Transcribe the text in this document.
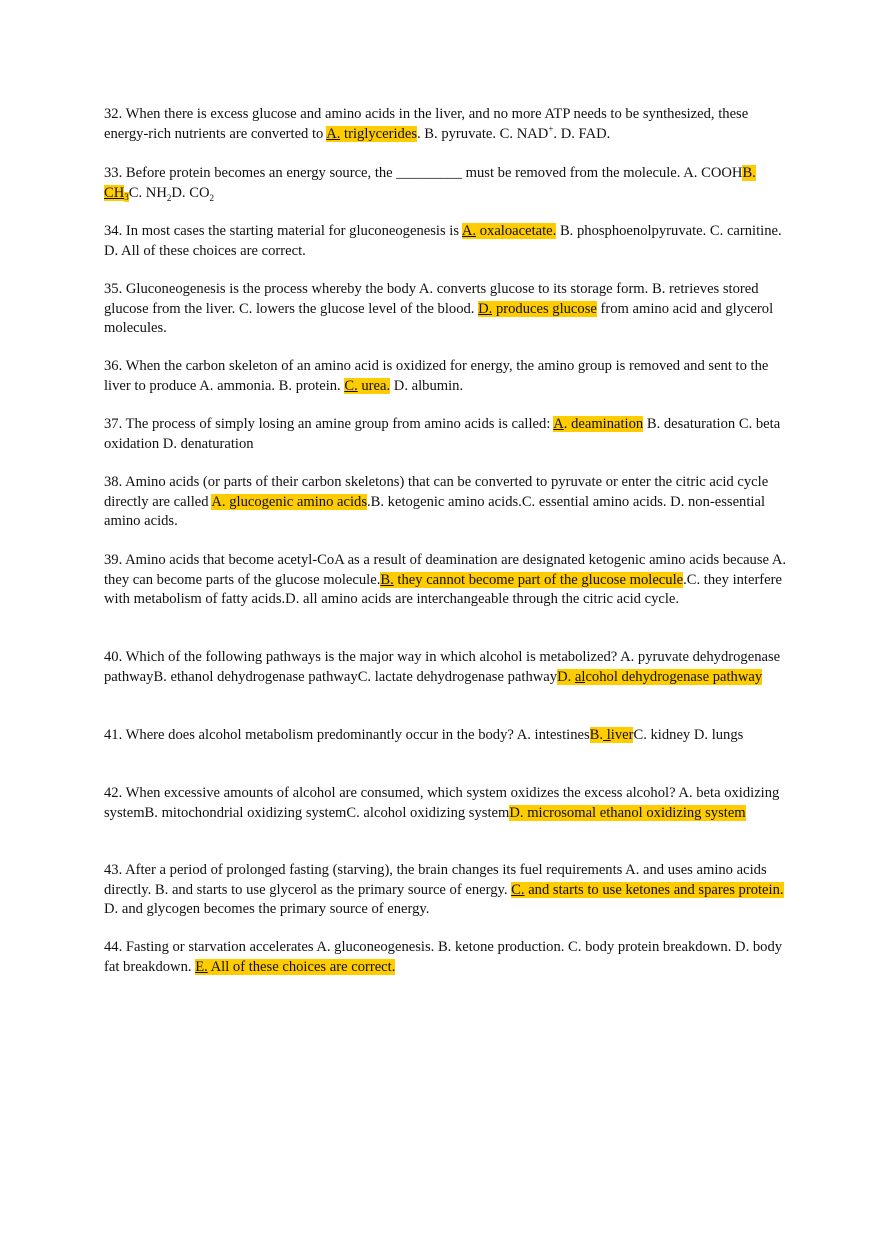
32. When there is excess glucose and amino acids in the liver, and no more ATP needs to be synthesized, these energy-rich nutrients are converted to A. triglycerides. B. pyruvate. C. NAD+. D. FAD.

33. Before protein becomes an energy source, the _________ must be removed from the molecule. A. COOHB. $CH_3C$. $NH_2D$. $CO_2$

34. In most cases the starting material for gluconeogenesis is A. oxaloacetate. B. phosphoenolpyruvate. C. carnitine. D. All of these choices are correct.

35. Gluconeogenesis is the process whereby the body A. converts glucose to its storage form. B. retrieves stored glucose from the liver. C. lowers the glucose level of the blood. D. produces glucose from amino acid and glycerol molecules.

36. When the carbon skeleton of an amino acid is oxidized for energy, the amino group is removed and sent to the liver to produce A. ammonia. B. protein. C. urea. D. albumin.

37. The process of simply losing an amine group from amino acids is called: A. deamination B. desaturation C. beta oxidation D. denaturation

38. Amino acids (or parts of their carbon skeletons) that can be converted to pyruvate or enter the citric acid cycle directly are called A. glucogenic amino acids.B. ketogenic amino acids.C. essential amino acids. D. non-essential amino acids.

39. Amino acids that become acetyl-CoA as a result of deamination are designated ketogenic amino acids because A. they can become parts of the glucose molecule.B. they cannot become part of the glucose molecule.C. they interfere with metabolism of fatty acids.D. all amino acids are interchangeable through the citric acid cycle.

40. Which of the following pathways is the major way in which alcohol is metabolized? A. pyruvate dehydrogenase pathwayB. ethanol dehydrogenase pathwayC. lactate dehydrogenase pathwayD. alcohol dehydrogenase pathway

41. Where does alcohol metabolism predominantly occur in the body? A. intestinesB. liverC. kidney D. lungs

42. When excessive amounts of alcohol are consumed, which system oxidizes the excess alcohol? A. beta oxidizing systemB. mitochondrial oxidizing systemC. alcohol oxidizing systemD. microsomal ethanol oxidizing system

43. After a period of prolonged fasting (starving), the brain changes its fuel requirements A. and uses amino acids directly. B. and starts to use glycerol as the primary source of energy. C. and starts to use ketones and spares protein. D. and glycogen becomes the primary source of energy.

44. Fasting or starvation accelerates A. gluconeogenesis. B. ketone production. C. body protein breakdown. D. body fat breakdown. E. All of these choices are correct.
